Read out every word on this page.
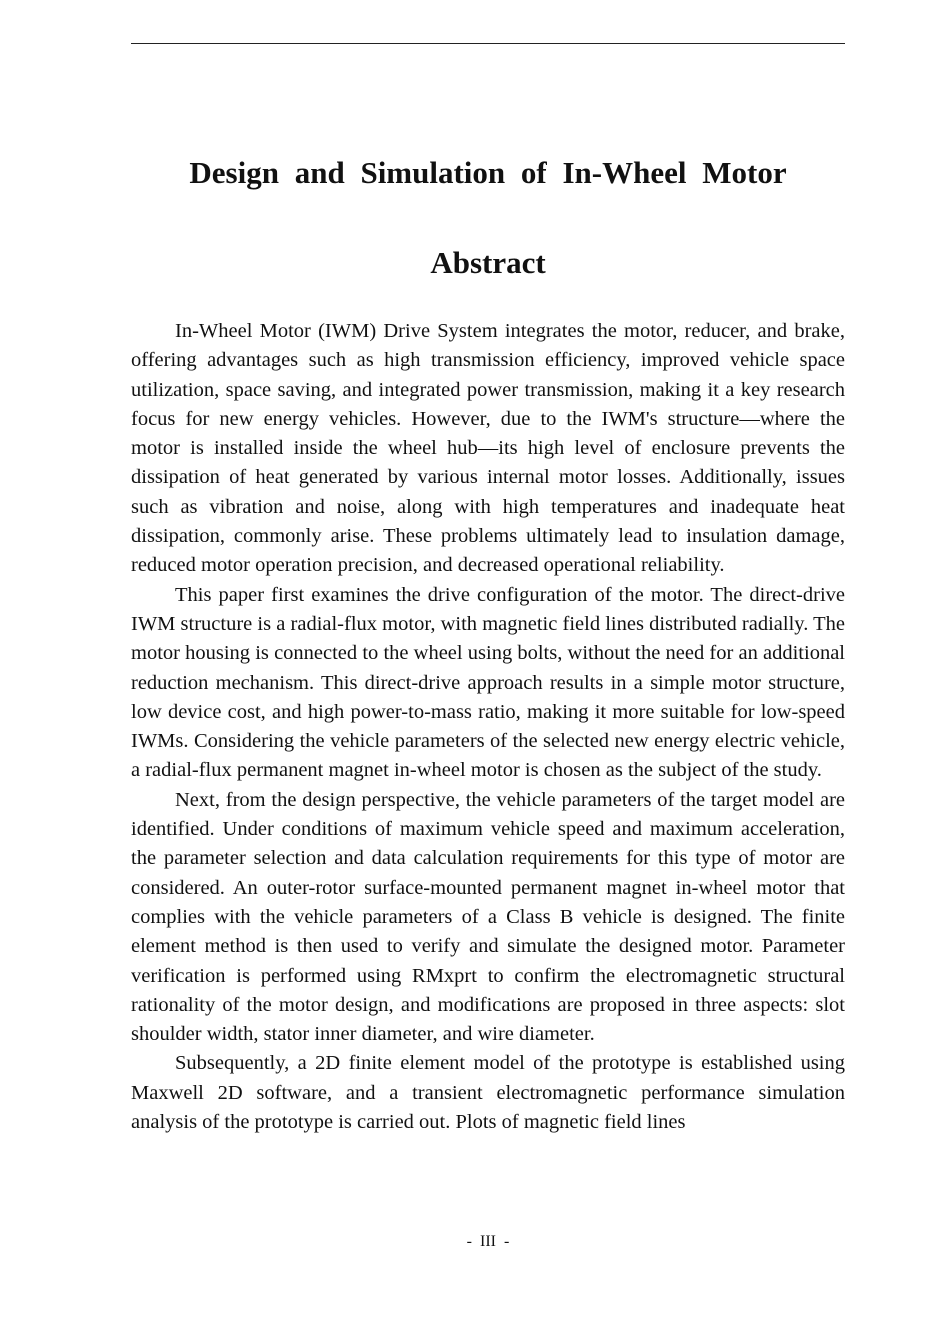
Design and Simulation of In-Wheel Motor
Abstract

In-Wheel Motor (IWM) Drive System integrates the motor, reducer, and brake, offering advantages such as high transmission efficiency, improved vehicle space utilization, space saving, and integrated power transmission, making it a key research focus for new energy vehicles. However, due to the IWM's structure—where the motor is installed inside the wheel hub—its high level of enclosure prevents the dissipation of heat generated by various internal motor losses. Additionally, issues such as vibration and noise, along with high temperatures and inadequate heat dissipation, commonly arise. These problems ultimately lead to insulation damage, reduced motor operation precision, and decreased operational reliability.

This paper first examines the drive configuration of the motor. The direct-drive IWM structure is a radial-flux motor, with magnetic field lines distributed radially. The motor housing is connected to the wheel using bolts, without the need for an additional reduction mechanism. This direct-drive approach results in a simple motor structure, low device cost, and high power-to-mass ratio, making it more suitable for low-speed IWMs. Considering the vehicle parameters of the selected new energy electric vehicle, a radial-flux permanent magnet in-wheel motor is chosen as the subject of the study.

Next, from the design perspective, the vehicle parameters of the target model are identified. Under conditions of maximum vehicle speed and maximum acceleration, the parameter selection and data calculation requirements for this type of motor are considered. An outer-rotor surface-mounted permanent magnet in-wheel motor that complies with the vehicle parameters of a Class B vehicle is designed. The finite element method is then used to verify and simulate the designed motor. Parameter verification is performed using RMxprt to confirm the electromagnetic structural rationality of the motor design, and modifications are proposed in three aspects: slot shoulder width, stator inner diameter, and wire diameter.

Subsequently, a 2D finite element model of the prototype is established using Maxwell 2D software, and a transient electromagnetic performance simulation analysis of the prototype is carried out. Plots of magnetic field lines

- III -
